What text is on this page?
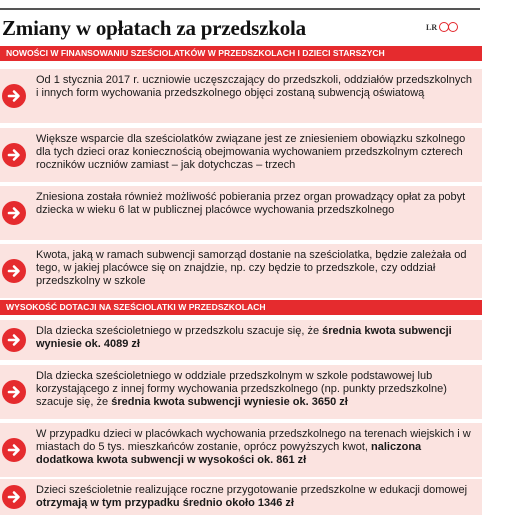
Zmiany w opłatach za przedszkola	LR
NOWOŚCI W FINANSOWANIU SZEŚCIOLATKÓW W PRZEDSZKOLACH I DZIECI STARSZYCH
Od 1 stycznia 2017 r. uczniowie uczęszczający do przedszkoli, oddziałów przedszkolnych i innych form wychowania przedszkolnego objęci zostaną subwencją oświatową
Większe wsparcie dla sześciolatków związane jest ze zniesieniem obowiązku szkolnego dla tych dzieci oraz koniecznością obejmowania wychowaniem przedszkolnym czterech roczników uczniów zamiast – jak dotychczas – trzech
Zniesiona została również możliwość pobierania przez organ prowadzący opłat za pobyt dziecka w wieku 6 lat w publicznej placówce wychowania przedszkolnego
Kwota, jaką w ramach subwencji samorząd dostanie na sześciolatka, będzie zależała od tego, w jakiej placówce się on znajdzie, np. czy będzie to przedszkole, czy oddział przedszkolny w szkole
WYSOKOŚĆ DOTACJI NA SZEŚCIOLATKI W PRZEDSZKOLACH
Dla dziecka sześcioletniego w przedszkolu szacuje się, że średnia kwota subwencji wyniesie ok. 4089 zł
Dla dziecka sześcioletniego w oddziale przedszkolnym w szkole podstawowej lub korzystającego z innej formy wychowania przedszkolnego (np. punkty przedszkolne) szacuje się, że średnia kwota subwencji wyniesie ok. 3650 zł
W przypadku dzieci w placówkach wychowania przedszkolnego na terenach wiejskich i w miastach do 5 tys. mieszkańców zostanie, oprócz powyższych kwot, naliczona dodatkowa kwota subwencji w wysokości ok. 861 zł
Dzieci sześcioletnie realizujące roczne przygotowanie przedszkolne w edukacji domowej otrzymają w tym przypadku średnio około 1346 zł
